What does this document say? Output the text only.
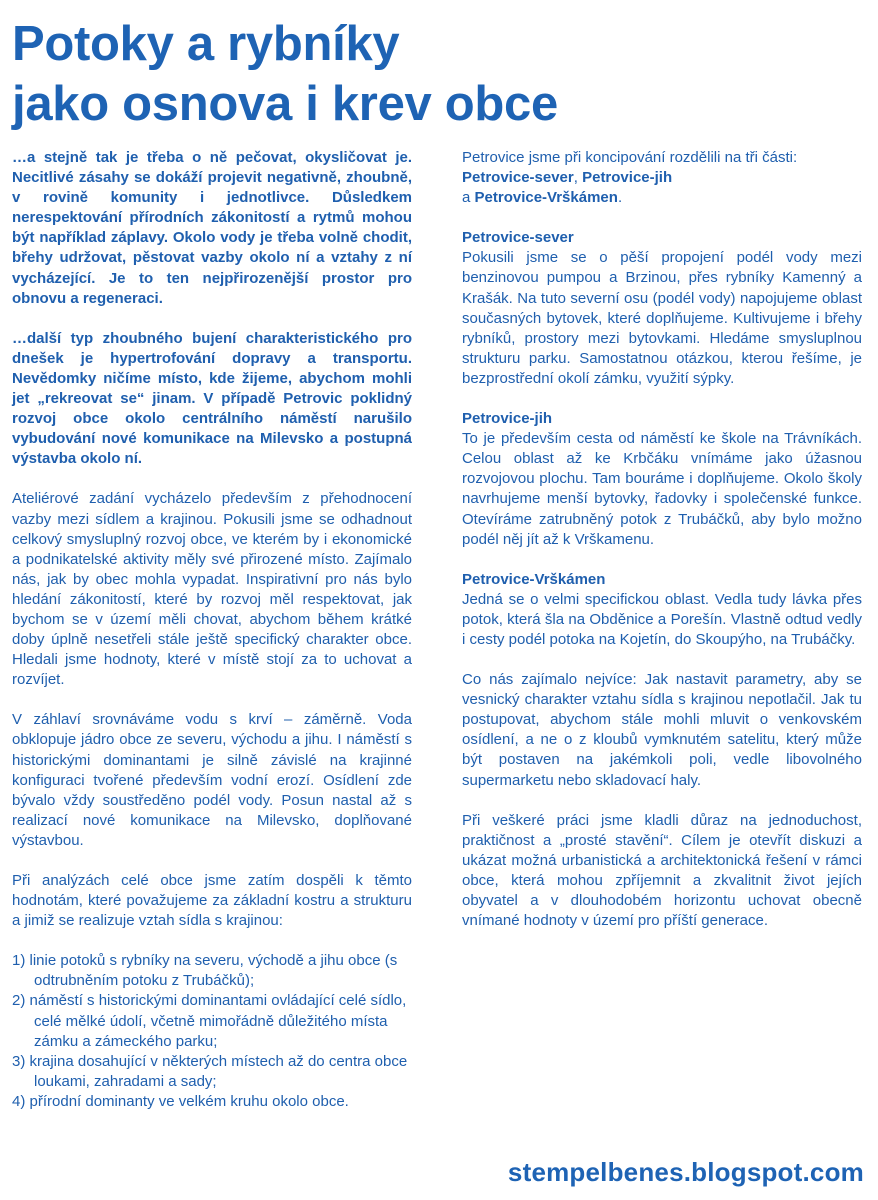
Potoky a rybníky
jako osnova i krev obce

…a stejně tak je třeba o ně pečovat, okysličovat je. Necitlivé zásahy se dokáží projevit negativně, zhoubně, v rovině komunity i jednotlivce. Důsledkem nerespektování přírodních zákonitostí a rytmů mohou být například záplavy. Okolo vody je třeba volně chodit, břehy udržovat, pěstovat vazby okolo ní a vztahy z ní vycházející. Je to ten nejpřirozenější prostor pro obnovu a regeneraci.

…další typ zhoubného bujení charakteristického pro dnešek je hypertrofování dopravy a transportu. Nevědomky ničíme místo, kde žijeme, abychom mohli jet „rekreovat se“ jinam. V případě Petrovic poklidný rozvoj obce okolo centrálního náměstí narušilo vybudování nové komunikace na Milevsko a postupná výstavba okolo ní.

Ateliérové zadání vycházelo především z přehodnocení vazby mezi sídlem a krajinou. Pokusili jsme se odhadnout celkový smysluplný rozvoj obce, ve kterém by i ekonomické a podnikatelské aktivity měly své přirozené místo. Zajímalo nás, jak by obec mohla vypadat. Inspirativní pro nás bylo hledání zákonitostí, které by rozvoj měl respektovat, jak bychom se v území měli chovat, abychom během krátké doby úplně nesetřeli stále ještě specifický charakter obce. Hledali jsme hodnoty, které v místě stojí za to uchovat a rozvíjet.

V záhlaví srovnáváme vodu s krví – záměrně. Voda obklopuje jádro obce ze severu, východu a jihu. I náměstí s historickými dominantami je silně závislé na krajinné konfiguraci tvořené především vodní erozí. Osídlení zde bývalo vždy soustředěno podél vody. Posun nastal až s realizací nové komunikace na Milevsko, doplňované výstavbou.

Při analýzách celé obce jsme zatím dospěli k těmto hodnotám, které považujeme za základní kostru a strukturu a jimiž se realizuje vztah sídla s krajinou:

1) linie potoků s rybníky na severu, východě a jihu obce (s odtrubněním potoku z Trubáčků);
2) náměstí s historickými dominantami ovládající celé sídlo, celé mělké údolí, včetně mimořádně důležitého místa zámku a zámeckého parku;
3) krajina dosahující v některých místech až do centra obce loukami, zahradami a sady;
4) přírodní dominanty ve velkém kruhu okolo obce.

Petrovice jsme při koncipování rozdělili na tři části:
Petrovice-sever, Petrovice-jih
a Petrovice-Vrškámen.

Petrovice-sever

Pokusili jsme se o pěší propojení podél vody mezi benzinovou pumpou a Brzinou, přes rybníky Kamenný a Krašák. Na tuto severní osu (podél vody) napojujeme oblast současných bytovek, které doplňujeme. Kultivujeme i břehy rybníků, prostory mezi bytovkami. Hledáme smysluplnou strukturu parku. Samostatnou otázkou, kterou řešíme, je bezprostřední okolí zámku, využití sýpky.

Petrovice-jih

To je především cesta od náměstí ke škole na Trávníkách. Celou oblast až ke Krbčáku vnímáme jako úžasnou rozvojovou plochu. Tam bouráme i doplňujeme. Okolo školy navrhujeme menší bytovky, řadovky i společenské funkce. Otevíráme zatrubněný potok z Trubáčků, aby bylo možno podél něj jít až k Vrškamenu.

Petrovice-Vrškámen

Jedná se o velmi specifickou oblast. Vedla tudy lávka přes potok, která šla na Obděnice a Porešín. Vlastně odtud vedly i cesty podél potoka na Kojetín, do Skoupýho, na Trubáčky.

Co nás zajímalo nejvíce: Jak nastavit parametry, aby se vesnický charakter vztahu sídla s krajinou nepotlačil. Jak tu postupovat, abychom stále mohli mluvit o venkovském osídlení, a ne o z kloubů vymknutém satelitu, který může být postaven na jakémkoli poli, vedle libovolného supermarketu nebo skladovací haly.

Při veškeré práci jsme kladli důraz na jednoduchost, praktičnost a „prosté stavění“. Cílem je otevřít diskuzi a ukázat možná urbanistická a architektonická řešení v rámci obce, která mohou zpříjemnit a zkvalitnit život jejích obyvatel a v dlouhodobém horizontu uchovat obecně vnímané hodnoty v území pro příští generace.

stempelbenes.blogspot.com
